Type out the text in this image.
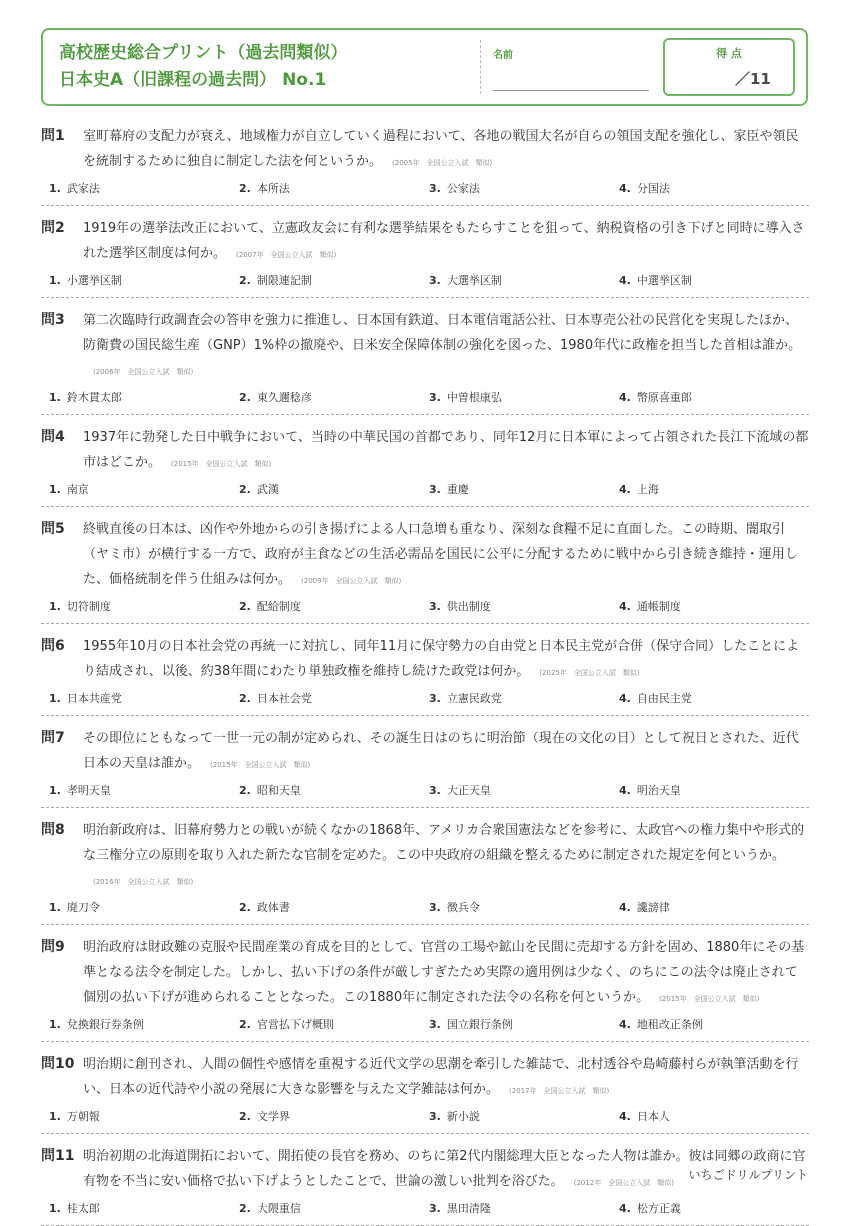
高校歴史総合プリント（過去問類似）
日本史A（旧課程の過去問） No.1
名前	得 点
／11
問1	室町幕府の支配力が衰え、地域権力が自立していく過程において、各地の戦国大名が自らの領国支配を強化し、家臣や領民を統制するために独自に制定した法を何というか。 (2005年　全国公立入試　類似)
1. 武家法	2. 本所法	3. 公家法	4. 分国法
問2	1919年の選挙法改正において、立憲政友会に有利な選挙結果をもたらすことを狙って、納税資格の引き下げと同時に導入された選挙区制度は何か。 (2007年　全国公立入試　類似)
1. 小選挙区制	2. 制限連記制	3. 大選挙区制	4. 中選挙区制
問3	第二次臨時行政調査会の答申を強力に推進し、日本国有鉄道、日本電信電話公社、日本専売公社の民営化を実現したほか、防衛費の国民総生産（GNP）1%枠の撤廃や、日米安全保障体制の強化を図った、1980年代に政権を担当した首相は誰か。(2006年　全国公立入試　類似)
1. 鈴木貫太郎	2. 東久邇稔彦	3. 中曽根康弘	4. 幣原喜重郎
問4	1937年に勃発した日中戦争において、当時の中華民国の首都であり、同年12月に日本軍によって占領された長江下流域の都市はどこか。 (2015年　全国公立入試　類似)
1. 南京	2. 武漢	3. 重慶	4. 上海
問5	終戦直後の日本は、凶作や外地からの引き揚げによる人口急増も重なり、深刻な食糧不足に直面した。この時期、闇取引（ヤミ市）が横行する一方で、政府が主食などの生活必需品を国民に公平に分配するために戦中から引き続き維持・運用した、価格統制を伴う仕組みは何か。 (2009年　全国公立入試　類似)
1. 切符制度	2. 配給制度	3. 供出制度	4. 通帳制度
問6	1955年10月の日本社会党の再統一に対抗し、同年11月に保守勢力の自由党と日本民主党が合併（保守合同）したことにより結成され、以後、約38年間にわたり単独政権を維持し続けた政党は何か。 (2025年　全国公立入試　類似)
1. 日本共産党	2. 日本社会党	3. 立憲民政党	4. 自由民主党
問7	その即位にともなって一世一元の制が定められ、その誕生日はのちに明治節（現在の文化の日）として祝日とされた、近代日本の天皇は誰か。 (2015年　全国公立入試　類似)
1. 孝明天皇	2. 昭和天皇	3. 大正天皇	4. 明治天皇
問8	明治新政府は、旧幕府勢力との戦いが続くなかの1868年、アメリカ合衆国憲法などを参考に、太政官への権力集中や形式的な三権分立の原則を取り入れた新たな官制を定めた。この中央政府の組織を整えるために制定された規定を何というか。(2016年　全国公立入試　類似)
1. 廃刀令	2. 政体書	3. 徴兵令	4. 讒謗律
問9	明治政府は財政難の克服や民間産業の育成を目的として、官営の工場や鉱山を民間に売却する方針を固め、1880年にその基準となる法令を制定した。しかし、払い下げの条件が厳しすぎたため実際の適用例は少なく、のちにこの法令は廃止されて個別の払い下げが進められることとなった。この1880年に制定された法令の名称を何というか。 (2015年　全国公立入試　類似)
1. 兌換銀行券条例	2. 官営払下げ概則	3. 国立銀行条例	4. 地租改正条例
問10 明治期に創刊され、人間の個性や感情を重視する近代文学の思潮を牽引した雑誌で、北村透谷や島崎藤村らが執筆活動を行い、日本の近代詩や小説の発展に大きな影響を与えた文学雑誌は何か。 (2017年　全国公立入試　類似)
1. 万朝報	2. 文学界	3. 新小説	4. 日本人
問11 明治初期の北海道開拓において、開拓使の長官を務め、のちに第2代内閣総理大臣となった人物は誰か。彼は同郷の政商に官有物を不当に安い価格で払い下げようとしたことで、世論の激しい批判を浴びた。 (2012年　全国公立入試　類似)
1. 桂太郎	2. 大隈重信	3. 黒田清隆	4. 松方正義
いちごドリルプリント
